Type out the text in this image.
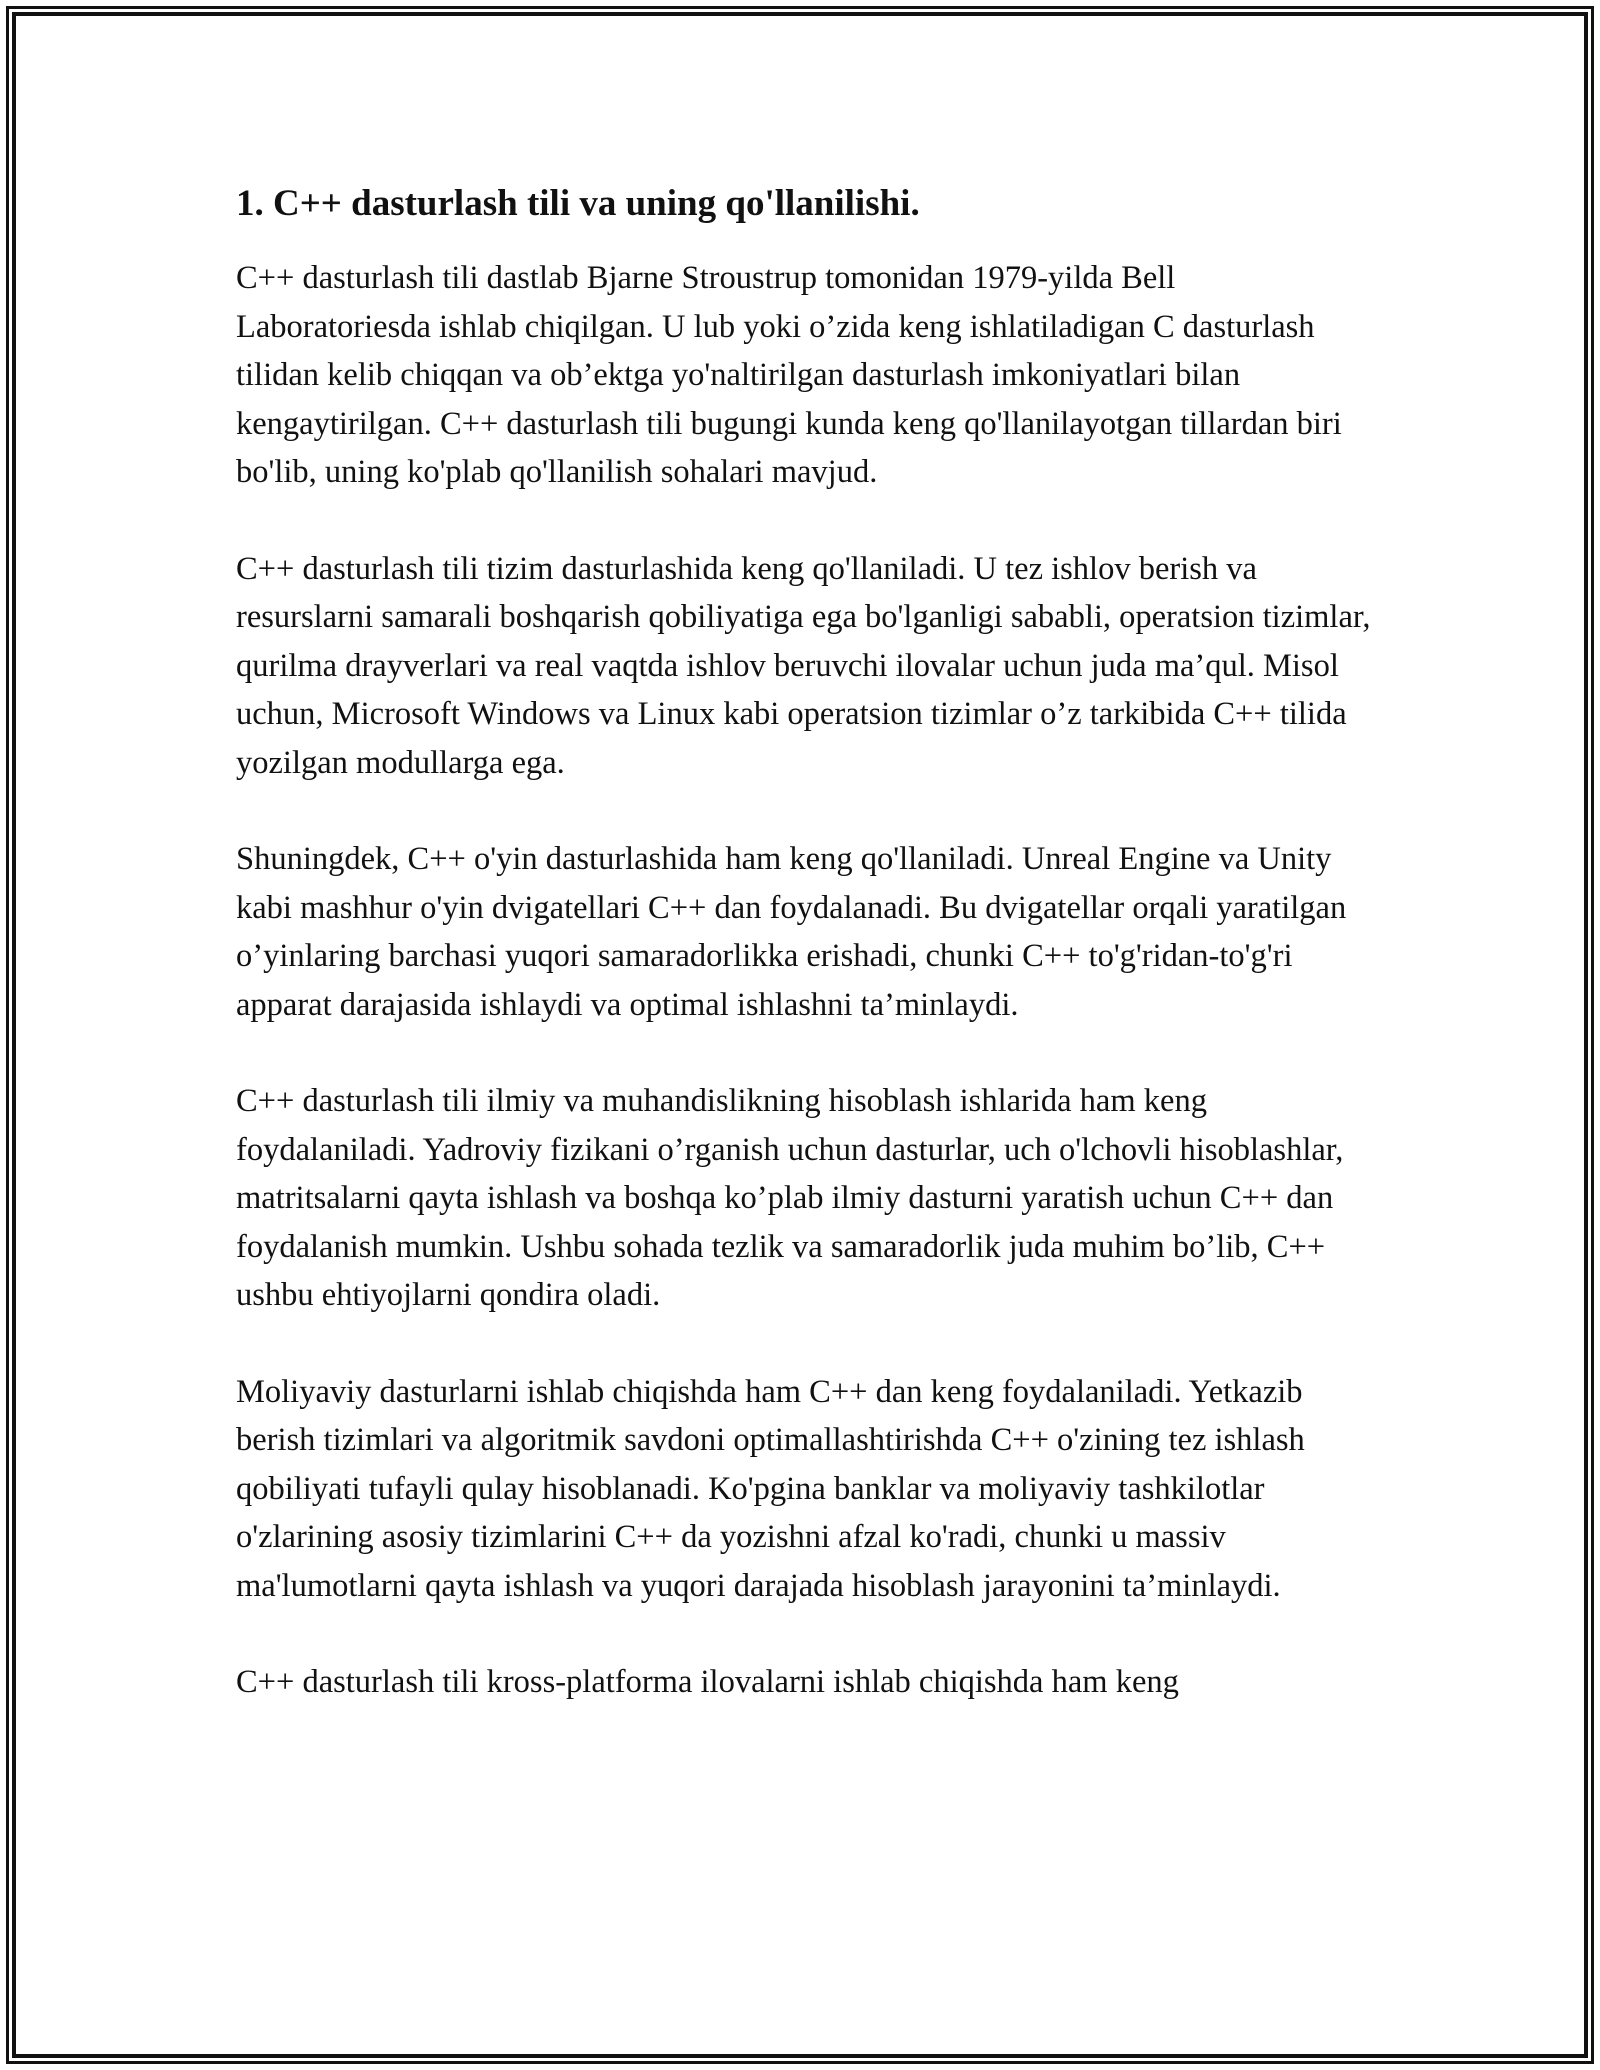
1. C++ dasturlash tili va uning qo'llanilishi.

C++ dasturlash tili dastlab Bjarne Stroustrup tomonidan 1979-yilda Bell Laboratoriesda ishlab chiqilgan. U lub yoki o’zida keng ishlatiladigan C dasturlash tilidan kelib chiqqan va ob’ektga yo'naltirilgan dasturlash imkoniyatlari bilan kengaytirilgan. C++ dasturlash tili bugungi kunda keng qo'llanilayotgan tillardan biri bo'lib, uning ko'plab qo'llanilish sohalari mavjud.

C++ dasturlash tili tizim dasturlashida keng qo'llaniladi. U tez ishlov berish va resurslarni samarali boshqarish qobiliyatiga ega bo'lganligi sababli, operatsion tizimlar, qurilma drayverlari va real vaqtda ishlov beruvchi ilovalar uchun juda ma’qul. Misol uchun, Microsoft Windows va Linux kabi operatsion tizimlar o’z tarkibida C++ tilida yozilgan modullarga ega.

Shuningdek, C++ o'yin dasturlashida ham keng qo'llaniladi. Unreal Engine va Unity kabi mashhur o'yin dvigatellari C++ dan foydalanadi. Bu dvigatellar orqali yaratilgan o’yinlaring barchasi yuqori samaradorlikka erishadi, chunki C++ to'g'ridan-to'g'ri apparat darajasida ishlaydi va optimal ishlashni ta’minlaydi.

C++ dasturlash tili ilmiy va muhandislikning hisoblash ishlarida ham keng foydalaniladi. Yadroviy fizikani o’rganish uchun dasturlar, uch o'lchovli hisoblashlar, matritsalarni qayta ishlash va boshqa ko’plab ilmiy dasturni yaratish uchun C++ dan foydalanish mumkin. Ushbu sohada tezlik va samaradorlik juda muhim bo’lib, C++ ushbu ehtiyojlarni qondira oladi.

Moliyaviy dasturlarni ishlab chiqishda ham C++ dan keng foydalaniladi. Yetkazib berish tizimlari va algoritmik savdoni optimallashtirishda C++ o'zining tez ishlash qobiliyati tufayli qulay hisoblanadi. Ko'pgina banklar va moliyaviy tashkilotlar o'zlarining asosiy tizimlarini C++ da yozishni afzal ko'radi, chunki u massiv ma'lumotlarni qayta ishlash va yuqori darajada hisoblash jarayonini ta’minlaydi.

C++ dasturlash tili kross-platforma ilovalarni ishlab chiqishda ham keng
